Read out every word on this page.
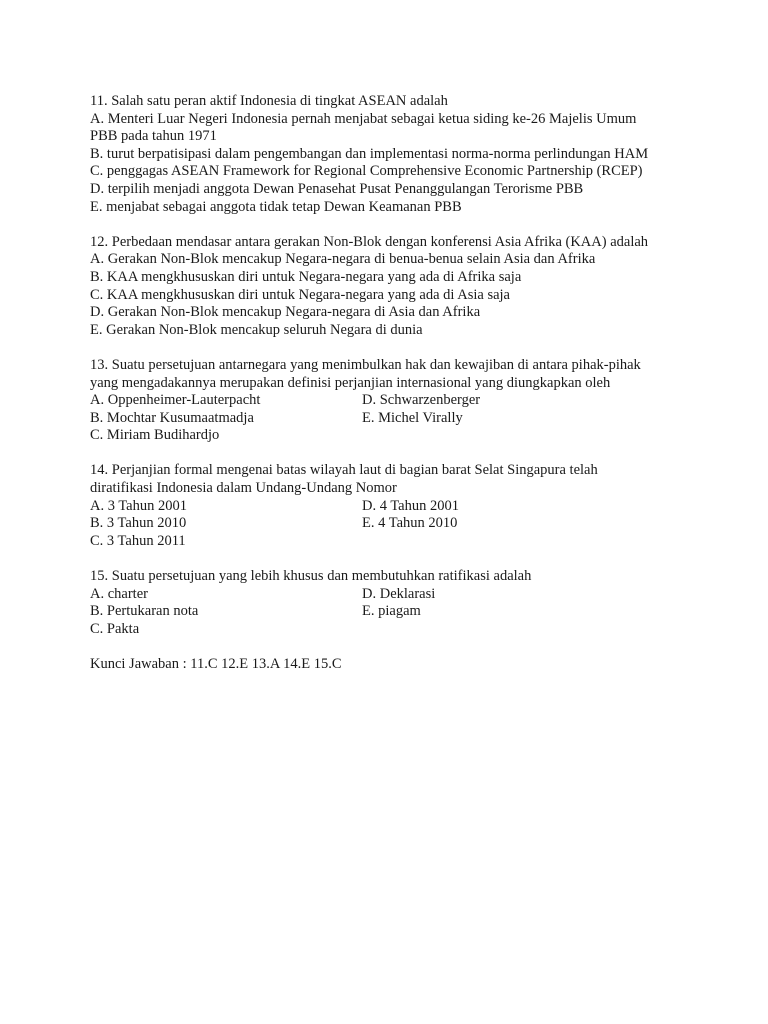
11. Salah satu peran aktif Indonesia di tingkat ASEAN adalah
A. Menteri Luar Negeri Indonesia pernah menjabat sebagai ketua siding ke-26 Majelis Umum
PBB pada tahun 1971
B. turut berpatisipasi dalam pengembangan dan implementasi norma-norma perlindungan HAM
C. penggagas ASEAN Framework for Regional Comprehensive Economic Partnership (RCEP)
D. terpilih menjadi anggota Dewan Penasehat Pusat Penanggulangan Terorisme PBB
E. menjabat sebagai anggota tidak tetap Dewan Keamanan PBB
12. Perbedaan mendasar antara gerakan Non-Blok dengan konferensi Asia Afrika (KAA) adalah
A. Gerakan Non-Blok mencakup Negara-negara di benua-benua selain Asia dan Afrika
B. KAA mengkhususkan diri untuk Negara-negara yang ada di Afrika saja
C. KAA mengkhususkan diri untuk Negara-negara yang ada di Asia saja
D. Gerakan Non-Blok mencakup Negara-negara di Asia dan Afrika
E. Gerakan Non-Blok mencakup seluruh Negara di dunia
13. Suatu persetujuan antarnegara yang menimbulkan hak dan kewajiban di antara pihak-pihak
yang mengadakannya merupakan definisi perjanjian internasional yang diungkapkan oleh
A. Oppenheimer-Lauterpacht	D. Schwarzenberger
B. Mochtar Kusumaatmadja	E. Michel Virally
C. Miriam Budihardjo
14. Perjanjian formal mengenai batas wilayah laut di bagian barat Selat Singapura telah
diratifikasi Indonesia dalam Undang-Undang Nomor
A. 3 Tahun 2001	D. 4 Tahun 2001
B. 3 Tahun 2010	E. 4 Tahun 2010
C. 3 Tahun 2011
15. Suatu persetujuan yang lebih khusus dan membutuhkan ratifikasi adalah
A. charter	D. Deklarasi
B. Pertukaran nota	E. piagam
C. Pakta
Kunci Jawaban : 11.C 12.E 13.A 14.E 15.C
